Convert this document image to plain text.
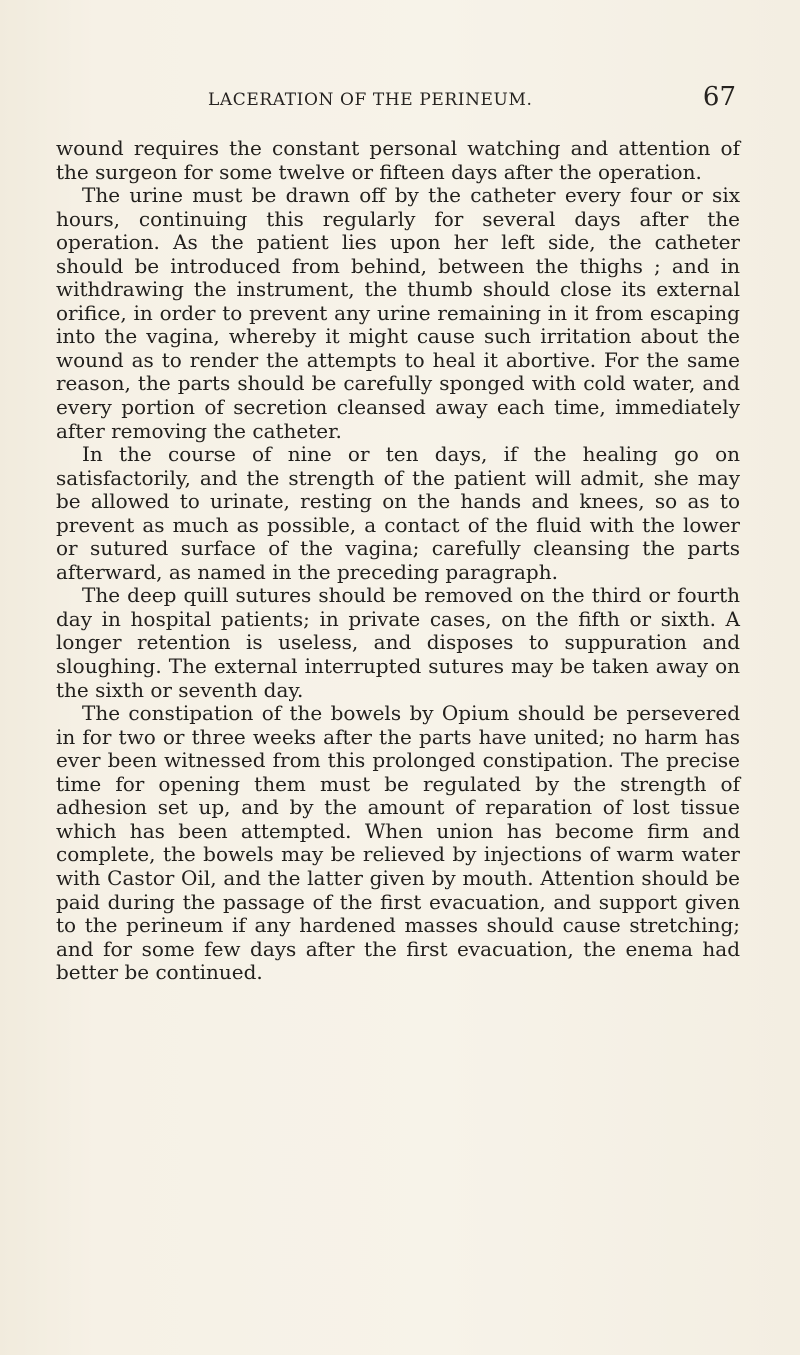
LACERATION OF THE PERINEUM.	67

wound requires the constant personal watching and attention of the surgeon for some twelve or fifteen days after the operation.

The urine must be drawn off by the catheter every four or six hours, continuing this regularly for several days after the operation. As the patient lies upon her left side, the catheter should be introduced from behind, between the thighs ; and in withdrawing the instrument, the thumb should close its external orifice, in order to prevent any urine remaining in it from escaping into the vagina, whereby it might cause such irritation about the wound as to render the attempts to heal it abortive. For the same reason, the parts should be carefully sponged with cold water, and every portion of secretion cleansed away each time, immediately after removing the catheter.

In the course of nine or ten days, if the healing go on satisfactorily, and the strength of the patient will admit, she may be allowed to urinate, resting on the hands and knees, so as to prevent as much as possible, a contact of the fluid with the lower or sutured surface of the vagina; carefully cleansing the parts afterward, as named in the preceding paragraph.

The deep quill sutures should be removed on the third or fourth day in hospital patients; in private cases, on the fifth or sixth. A longer retention is useless, and disposes to suppuration and sloughing. The external interrupted sutures may be taken away on the sixth or seventh day.

The constipation of the bowels by Opium should be persevered in for two or three weeks after the parts have united; no harm has ever been witnessed from this prolonged constipation. The precise time for opening them must be regulated by the strength of adhesion set up, and by the amount of reparation of lost tissue which has been attempted. When union has become firm and complete, the bowels may be relieved by injections of warm water with Castor Oil, and the latter given by mouth. Attention should be paid during the passage of the first evacuation, and support given to the perineum if any hardened masses should cause stretching; and for some few days after the first evacuation, the enema had better be continued.
